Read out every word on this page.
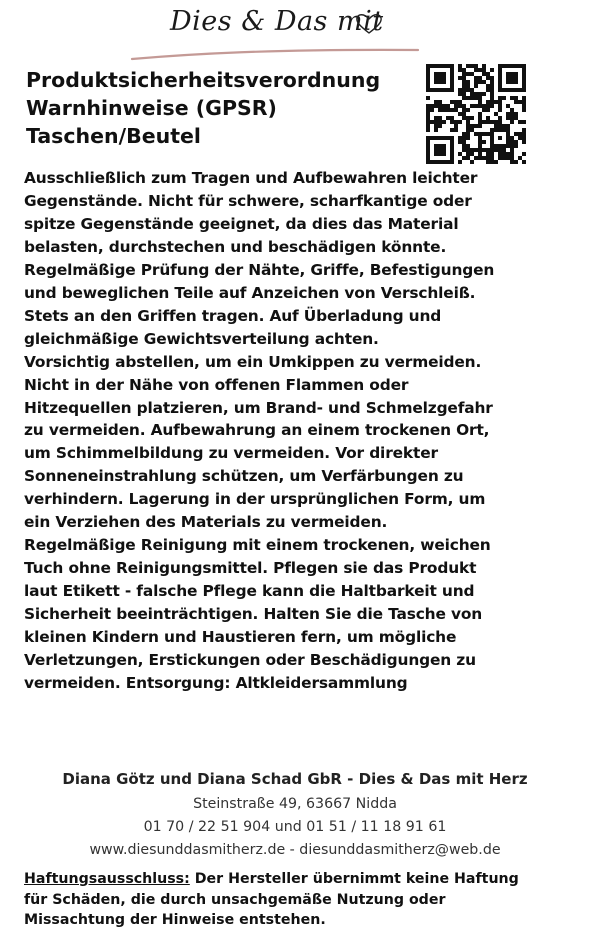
Dies & Das mit
Produktsicherheitsverordnung
Warnhinweise (GPSR)
Taschen/Beutel
Ausschließlich zum Tragen und Aufbewahren leichter
Gegenstände. Nicht für schwere, scharfkantige oder
spitze Gegenstände geeignet, da dies das Material
belasten, durchstechen und beschädigen könnte.
Regelmäßige Prüfung der Nähte, Griffe, Befestigungen
und beweglichen Teile auf Anzeichen von Verschleiß.
Stets an den Griffen tragen. Auf Überladung und
gleichmäßige Gewichtsverteilung achten.
Vorsichtig abstellen, um ein Umkippen zu vermeiden.
Nicht in der Nähe von offenen Flammen oder
Hitzequellen platzieren, um Brand- und Schmelzgefahr
zu vermeiden. Aufbewahrung an einem trockenen Ort,
um Schimmelbildung zu vermeiden. Vor direkter
Sonneneinstrahlung schützen, um Verfärbungen zu
verhindern. Lagerung in der ursprünglichen Form, um
ein Verziehen des Materials zu vermeiden.
Regelmäßige Reinigung mit einem trockenen, weichen
Tuch ohne Reinigungsmittel. Pflegen sie das Produkt
laut Etikett - falsche Pflege kann die Haltbarkeit und
Sicherheit beeinträchtigen. Halten Sie die Tasche von
kleinen Kindern und Haustieren fern, um mögliche
Verletzungen, Erstickungen oder Beschädigungen zu
vermeiden. Entsorgung: Altkleidersammlung
Diana Götz und Diana Schad GbR - Dies & Das mit Herz
Steinstraße 49, 63667 Nidda
01 70 / 22 51 904 und 01 51 / 11 18 91 61
www.diesunddasmitherz.de - diesunddasmitherz@web.de
Haftungsausschluss: Der Hersteller übernimmt keine Haftung
für Schäden, die durch unsachgemäße Nutzung oder
Missachtung der Hinweise entstehen.
